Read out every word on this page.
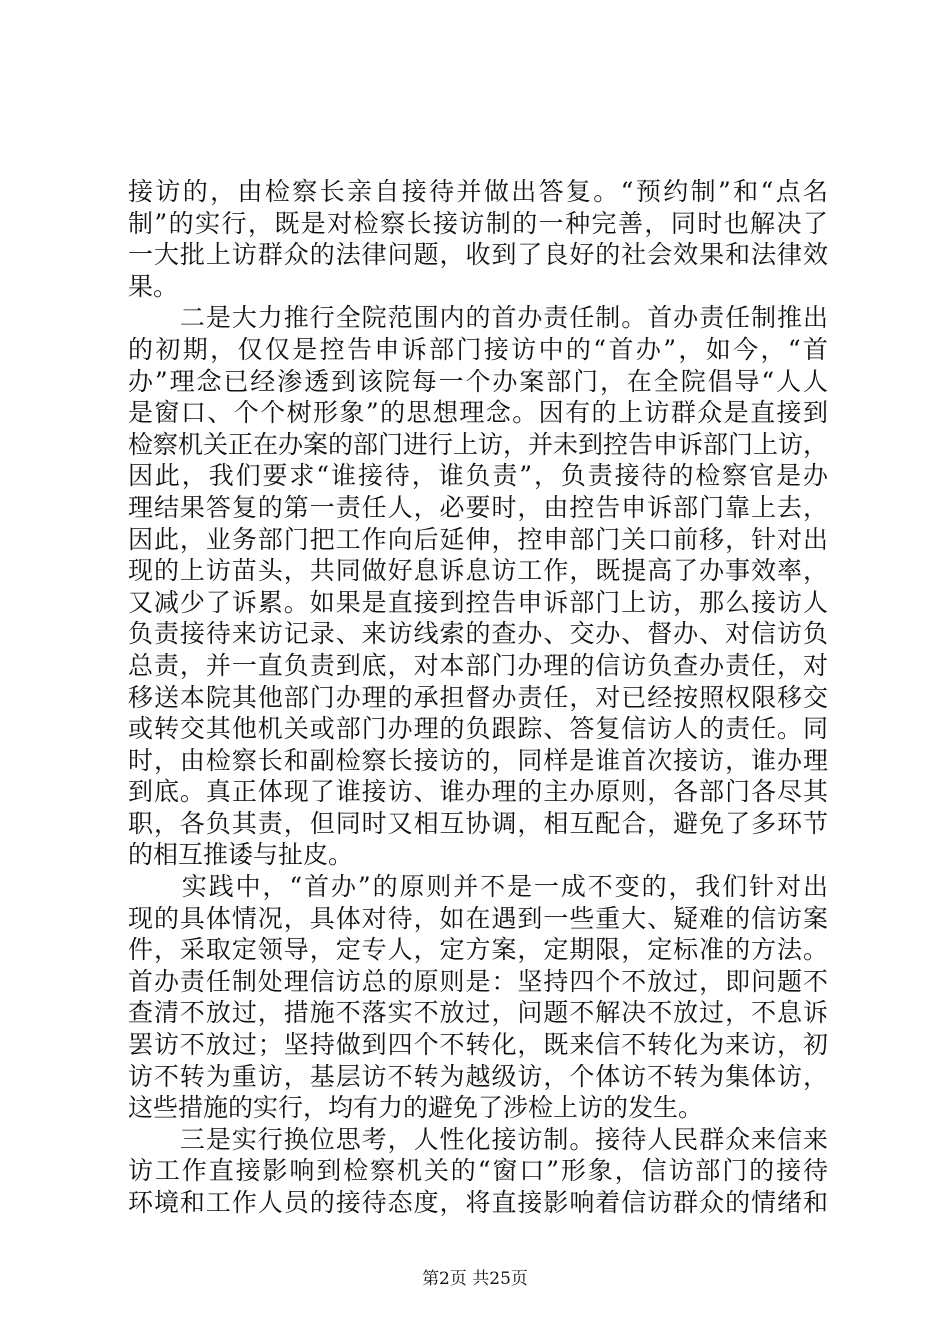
接访的，由检察长亲自接待并做出答复。“预约制”和“点名
制”的实行，既是对检察长接访制的一种完善，同时也解决了
一大批上访群众的法律问题，收到了良好的社会效果和法律效
果。
　　二是大力推行全院范围内的首办责任制。首办责任制推出
的初期，仅仅是控告申诉部门接访中的“首办”，如今，“首
办”理念已经渗透到该院每一个办案部门，在全院倡导“人人
是窗口、个个树形象”的思想理念。因有的上访群众是直接到
检察机关正在办案的部门进行上访，并未到控告申诉部门上访，
因此，我们要求“谁接待，谁负责”，负责接待的检察官是办
理结果答复的第一责任人，必要时，由控告申诉部门靠上去，
因此，业务部门把工作向后延伸，控申部门关口前移，针对出
现的上访苗头，共同做好息诉息访工作，既提高了办事效率，
又减少了诉累。如果是直接到控告申诉部门上访，那么接访人
负责接待来访记录、来访线索的查办、交办、督办、对信访负
总责，并一直负责到底，对本部门办理的信访负查办责任，对
移送本院其他部门办理的承担督办责任，对已经按照权限移交
或转交其他机关或部门办理的负跟踪、答复信访人的责任。同
时，由检察长和副检察长接访的，同样是谁首次接访，谁办理
到底。真正体现了谁接访、谁办理的主办原则，各部门各尽其
职，各负其责，但同时又相互协调，相互配合，避免了多环节
的相互推诿与扯皮。
　　实践中，“首办”的原则并不是一成不变的，我们针对出
现的具体情况，具体对待，如在遇到一些重大、疑难的信访案
件，采取定领导，定专人，定方案，定期限，定标准的方法。
首办责任制处理信访总的原则是：坚持四个不放过，即问题不
查清不放过，措施不落实不放过，问题不解决不放过，不息诉
罢访不放过；坚持做到四个不转化，既来信不转化为来访，初
访不转为重访，基层访不转为越级访，个体访不转为集体访，
这些措施的实行，均有力的避免了涉检上访的发生。
　　三是实行换位思考，人性化接访制。接待人民群众来信来
访工作直接影响到检察机关的“窗口”形象，信访部门的接待
环境和工作人员的接待态度，将直接影响着信访群众的情绪和
第2页 共25页
